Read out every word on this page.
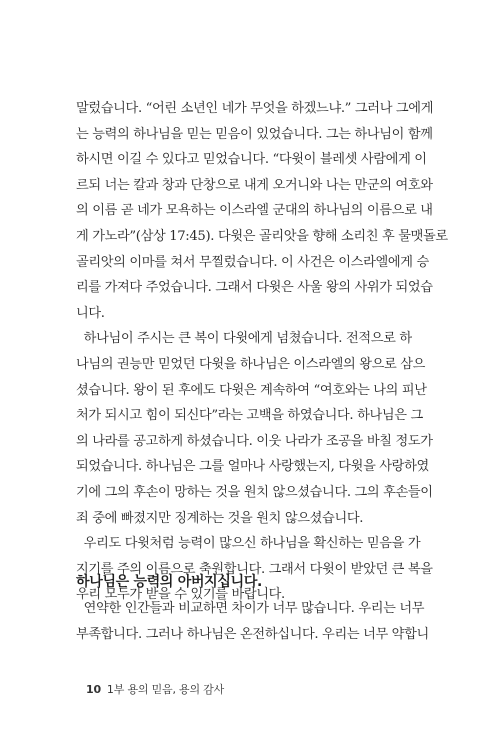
말렀습니다. “어린 소년인 네가 무엇을 하겠느냐.” 그러나 그에게
는 능력의 하나님을 믿는 믿음이 있었습니다. 그는 하나님이 함께
하시면 이길 수 있다고 믿었습니다. “다윗이 블레셋 사람에게 이
르되 너는 칼과 창과 단창으로 내게 오거니와 나는 만군의 여호와
의 이름 곧 네가 모욕하는 이스라엘 군대의 하나님의 이름으로 내
게 가노라”(삼상 17:45). 다윗은 골리앗을 향해 소리친 후 물맷돌로
골리앗의 이마를 쳐서 무찔렀습니다. 이 사건은 이스라엘에게 승
리를 가져다 주었습니다. 그래서 다윗은 사울 왕의 사위가 되었습
니다.
하나님이 주시는 큰 복이 다윗에게 넘쳤습니다. 전적으로 하
나님의 권능만 믿었던 다윗을 하나님은 이스라엘의 왕으로 삼으
셨습니다. 왕이 된 후에도 다윗은 계속하여 “여호와는 나의 피난
처가 되시고 힘이 되신다”라는 고백을 하였습니다. 하나님은 그
의 나라를 공고하게 하셨습니다. 이웃 나라가 조공을 바칠 정도가
되었습니다. 하나님은 그를 얼마나 사랑했는지, 다윗을 사랑하였
기에 그의 후손이 망하는 것을 원치 않으셨습니다. 그의 후손들이
죄 중에 빠졌지만 징계하는 것을 원치 않으셨습니다.
우리도 다윗처럼 능력이 많으신 하나님을 확신하는 믿음을 가
지기를 주의 이름으로 축원합니다. 그래서 다윗이 받았던 큰 복을
우리 모두가 받을 수 있기를 바랍니다.
하나님은 능력의 아버지십니다.
연약한 인간들과 비교하면 차이가 너무 많습니다. 우리는 너무
부족합니다. 그러나 하나님은 온전하십니다. 우리는 너무 약합니
10 1부 용의 믿음, 용의 감사
